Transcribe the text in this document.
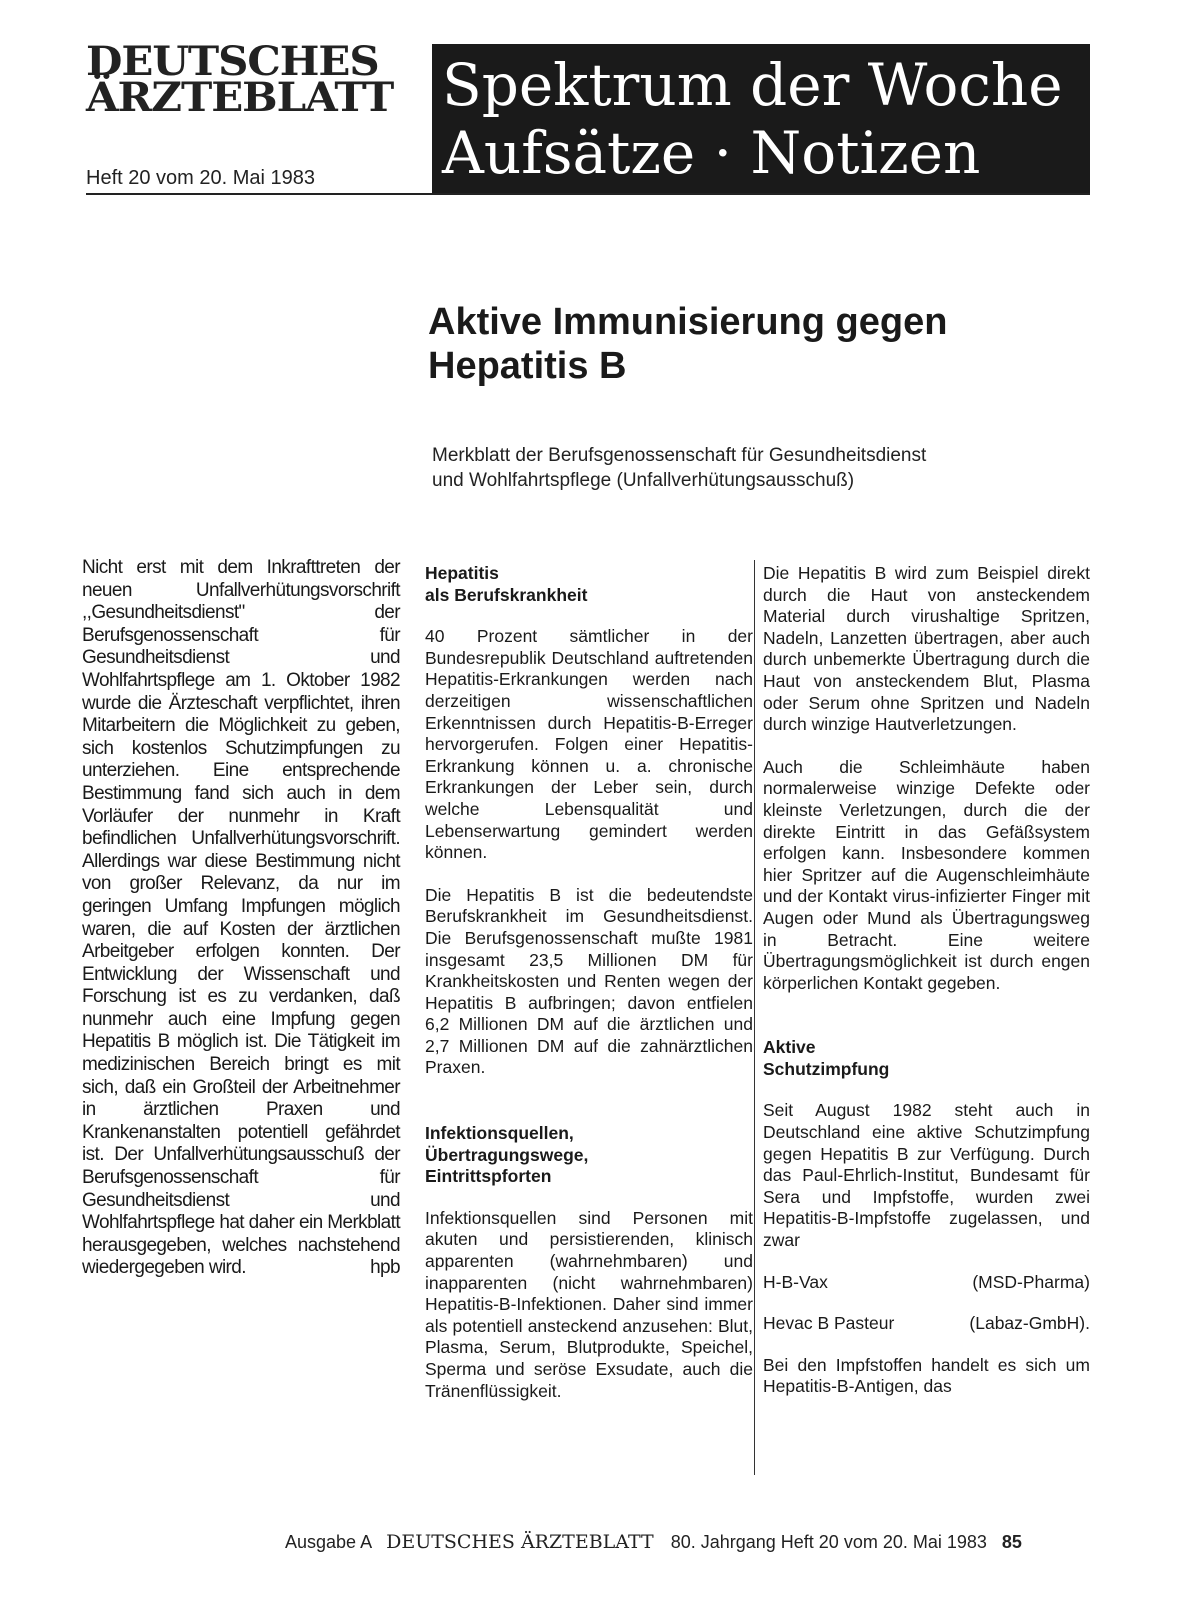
DEUTSCHES
ÄRZTEBLATT
Heft 20 vom 20. Mai 1983
Spektrum der Woche
Aufsätze · Notizen
Aktive Immunisierung gegen
Hepatitis B
Merkblatt der Berufsgenossenschaft für Gesundheitsdienst
und Wohlfahrtspflege (Unfallverhütungsausschuß)
Nicht erst mit dem Inkrafttreten der neuen Unfallverhütungsvorschrift ,,Gesundheitsdienst" der Berufsgenossenschaft für Gesundheitsdienst und Wohlfahrtspflege am 1. Oktober 1982 wurde die Ärzteschaft verpflichtet, ihren Mitarbeitern die Möglichkeit zu geben, sich kostenlos Schutzimpfungen zu unterziehen. Eine entsprechende Bestimmung fand sich auch in dem Vorläufer der nunmehr in Kraft befindlichen Unfallverhütungsvorschrift. Allerdings war diese Bestimmung nicht von großer Relevanz, da nur im geringen Umfang Impfungen möglich waren, die auf Kosten der ärztlichen Arbeitgeber erfolgen konnten. Der Entwicklung der Wissenschaft und Forschung ist es zu verdanken, daß nunmehr auch eine Impfung gegen Hepatitis B möglich ist. Die Tätigkeit im medizinischen Bereich bringt es mit sich, daß ein Großteil der Arbeitnehmer in ärztlichen Praxen und Krankenanstalten potentiell gefährdet ist. Der Unfallverhütungsausschuß der Berufsgenossenschaft für Gesundheitsdienst und Wohlfahrtspflege hat daher ein Merkblatt herausgegeben, welches nachstehend wiedergegeben wird.	hpb
Hepatitis
als Berufskrankheit

40 Prozent sämtlicher in der Bundesrepublik Deutschland auftretenden Hepatitis-Erkrankungen werden nach derzeitigen wissenschaftlichen Erkenntnissen durch Hepatitis-B-Erreger hervorgerufen. Folgen einer Hepatitis-Erkrankung können u. a. chronische Erkrankungen der Leber sein, durch welche Lebensqualität und Lebenserwartung gemindert werden können.

Die Hepatitis B ist die bedeutendste Berufskrankheit im Gesundheitsdienst. Die Berufsgenossenschaft mußte 1981 insgesamt 23,5 Millionen DM für Krankheitskosten und Renten wegen der Hepatitis B aufbringen; davon entfielen 6,2 Millionen DM auf die ärztlichen und 2,7 Millionen DM auf die zahnärztlichen Praxen.

Infektionsquellen,
Übertragungswege,
Eintrittspforten

Infektionsquellen sind Personen mit akuten und persistierenden, klinisch apparenten (wahrnehmbaren) und inapparenten (nicht wahrnehmbaren) Hepatitis-B-Infektionen. Daher sind immer als potentiell ansteckend anzusehen: Blut, Plasma, Serum, Blutprodukte, Speichel, Sperma und seröse Exsudate, auch die Tränenflüssigkeit.

Die Hepatitis B wird zum Beispiel direkt durch die Haut von ansteckendem Material durch virushaltige Spritzen, Nadeln, Lanzetten übertragen, aber auch durch unbemerkte Übertragung durch die Haut von ansteckendem Blut, Plasma oder Serum ohne Spritzen und Nadeln durch winzige Hautverletzungen.

Auch die Schleimhäute haben normalerweise winzige Defekte oder kleinste Verletzungen, durch die der direkte Eintritt in das Gefäßsystem erfolgen kann. Insbesondere kommen hier Spritzer auf die Augenschleimhäute und der Kontakt virus-infizierter Finger mit Augen oder Mund als Übertragungsweg in Betracht. Eine weitere Übertragungsmöglichkeit ist durch engen körperlichen Kontakt gegeben.

Aktive
Schutzimpfung

Seit August 1982 steht auch in Deutschland eine aktive Schutzimpfung gegen Hepatitis B zur Verfügung. Durch das Paul-Ehrlich-Institut, Bundesamt für Sera und Impfstoffe, wurden zwei Hepatitis-B-Impfstoffe zugelassen, und zwar

H-B-Vax	(MSD-Pharma)
Hevac B Pasteur	(Labaz-GmbH).

Bei den Impfstoffen handelt es sich um Hepatitis-B-Antigen, das

Ausgabe A DEUTSCHES ÄRZTEBLATT 80. Jahrgang Heft 20 vom 20. Mai 1983 85
